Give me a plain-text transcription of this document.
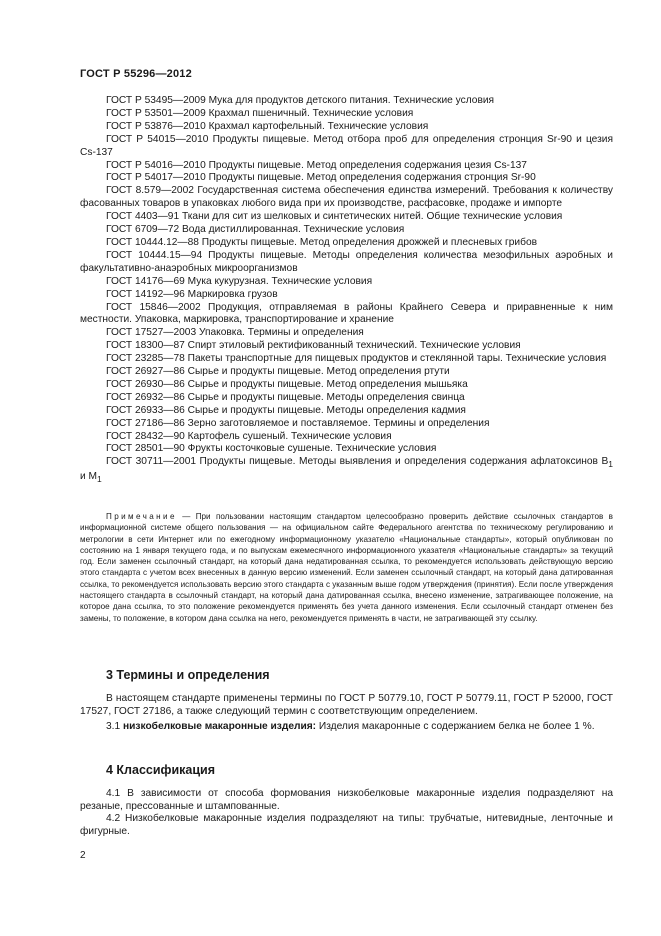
ГОСТ Р 55296—2012

ГОСТ Р 53495—2009 Мука для продуктов детского питания. Технические условия

ГОСТ Р 53501—2009 Крахмал пшеничный. Технические условия

ГОСТ Р 53876—2010 Крахмал картофельный. Технические условия

ГОСТ Р 54015—2010 Продукты пищевые. Метод отбора проб для определения стронция Sr-90 и цезия Cs-137

ГОСТ Р 54016—2010 Продукты пищевые. Метод определения содержания цезия Cs-137

ГОСТ Р 54017—2010 Продукты пищевые. Метод определения содержания стронция Sr-90

ГОСТ 8.579—2002 Государственная система обеспечения единства измерений. Требования к количеству фасованных товаров в упаковках любого вида при их производстве, расфасовке, продаже и импорте

ГОСТ 4403—91 Ткани для сит из шелковых и синтетических нитей. Общие технические условия

ГОСТ 6709—72 Вода дистиллированная. Технические условия

ГОСТ 10444.12—88 Продукты пищевые. Метод определения дрожжей и плесневых грибов

ГОСТ 10444.15—94 Продукты пищевые. Методы определения количества мезофильных аэробных и факультативно-анаэробных микроорганизмов

ГОСТ 14176—69 Мука кукурузная. Технические условия

ГОСТ 14192—96 Маркировка грузов

ГОСТ 15846—2002 Продукция, отправляемая в районы Крайнего Севера и приравненные к ним местности. Упаковка, маркировка, транспортирование и хранение

ГОСТ 17527—2003 Упаковка. Термины и определения

ГОСТ 18300—87 Спирт этиловый ректификованный технический. Технические условия

ГОСТ 23285—78 Пакеты транспортные для пищевых продуктов и стеклянной тары. Технические условия

ГОСТ 26927—86 Сырье и продукты пищевые. Метод определения ртути

ГОСТ 26930—86 Сырье и продукты пищевые. Метод определения мышьяка

ГОСТ 26932—86 Сырье и продукты пищевые. Методы определения свинца

ГОСТ 26933—86 Сырье и продукты пищевые. Методы определения кадмия

ГОСТ 27186—86 Зерно заготовляемое и поставляемое. Термины и определения

ГОСТ 28432—90 Картофель сушеный. Технические условия

ГОСТ 28501—90 Фрукты косточковые сушеные. Технические условия

ГОСТ 30711—2001 Продукты пищевые. Методы выявления и определения содержания афлатоксинов $B_1$ и $M_1$

Примечание — При пользовании настоящим стандартом целесообразно проверить действие ссылочных стандартов в информационной системе общего пользования — на официальном сайте Федерального агентства по техническому регулированию и метрологии в сети Интернет или по ежегодному информационному указателю «Национальные стандарты», который опубликован по состоянию на 1 января текущего года, и по выпускам ежемесячного информационного указателя «Национальные стандарты» за текущий год. Если заменен ссылочный стандарт, на который дана недатированная ссылка, то рекомендуется использовать действующую версию этого стандарта с учетом всех внесенных в данную версию изменений. Если заменен ссылочный стандарт, на который дана датированная ссылка, то рекомендуется использовать версию этого стандарта с указанным выше годом утверждения (принятия). Если после утверждения настоящего стандарта в ссылочный стандарт, на который дана датированная ссылка, внесено изменение, затрагивающее положение, на которое дана ссылка, то это положение рекомендуется применять без учета данного изменения. Если ссылочный стандарт отменен без замены, то положение, в котором дана ссылка на него, рекомендуется применять в части, не затрагивающей эту ссылку.

3 Термины и определения

В настоящем стандарте применены термины по ГОСТ Р 50779.10, ГОСТ Р 50779.11, ГОСТ Р 52000, ГОСТ 17527, ГОСТ 27186, а также следующий термин с соответствующим определением.

3.1 низкобелковые макаронные изделия: Изделия макаронные с содержанием белка не более 1 %.

4 Классификация

4.1 В зависимости от способа формования низкобелковые макаронные изделия подразделяют на резаные, прессованные и штампованные.

4.2 Низкобелковые макаронные изделия подразделяют на типы: трубчатые, нитевидные, ленточные и фигурные.

2
